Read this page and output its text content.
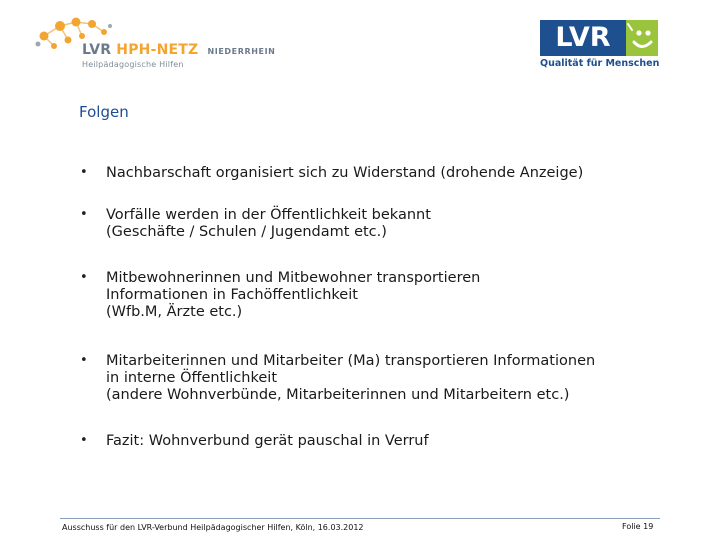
LVR HPH-NETZ NIEDERRHEIN
Heilpädagogische Hilfen
LVR
Qualität für Menschen
Folgen
• Nachbarschaft organisiert sich zu Widerstand (drohende Anzeige)
• Vorfälle werden in der Öffentlichkeit bekannt
(Geschäfte / Schulen / Jugendamt etc.)
• Mitbewohnerinnen und Mitbewohner transportieren
Informationen in Fachöffentlichkeit
(Wfb.M, Ärzte etc.)
• Mitarbeiterinnen und Mitarbeiter (Ma) transportieren Informationen
in interne Öffentlichkeit
(andere Wohnverbünde, Mitarbeiterinnen und Mitarbeitern etc.)
• Fazit: Wohnverbund gerät pauschal in Verruf
Ausschuss für den LVR-Verbund Heilpädagogischer Hilfen, Köln, 16.03.2012	Folie 19
